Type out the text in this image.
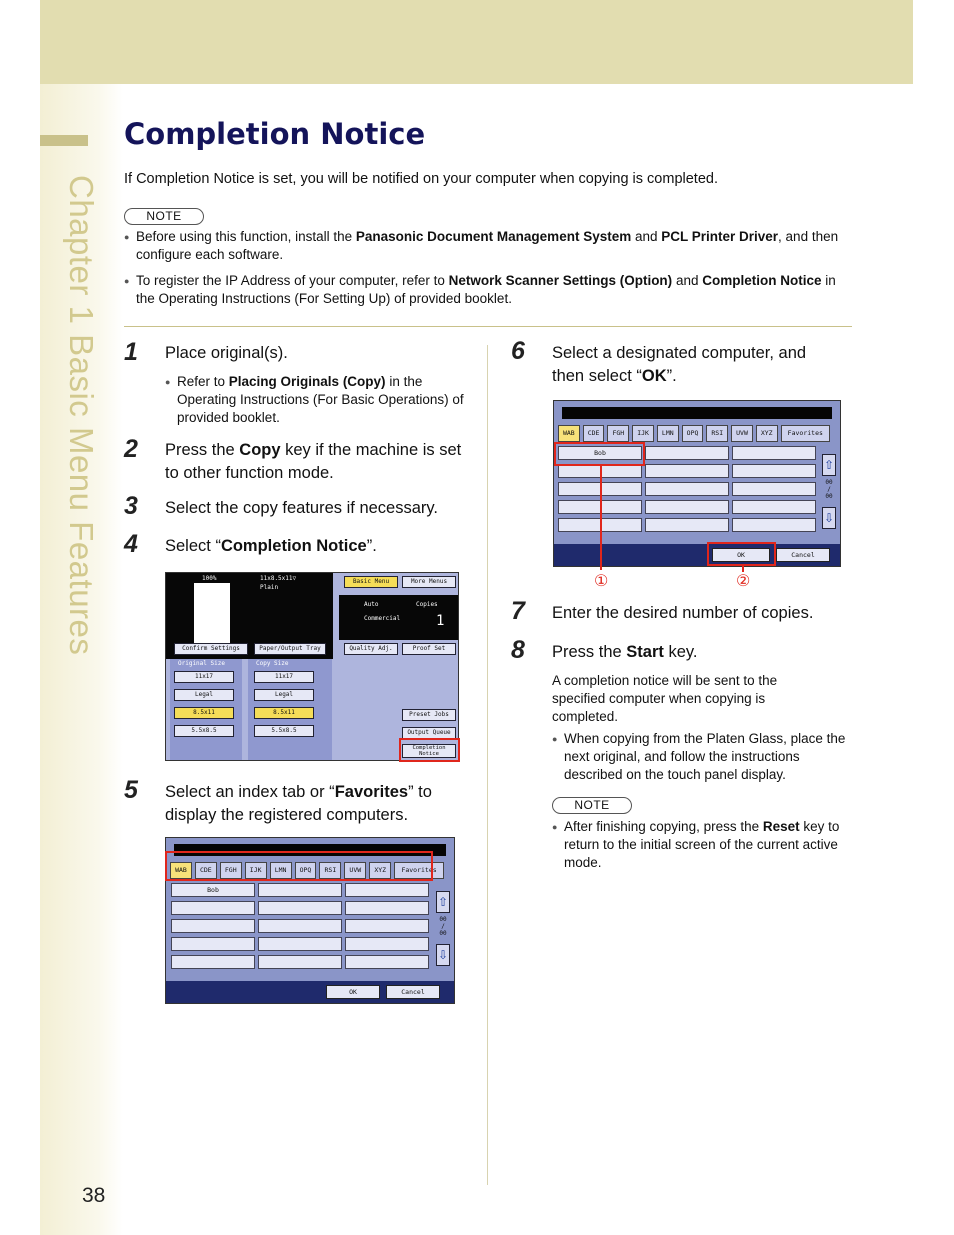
Chapter 1 Basic Menu Features
38
Completion Notice
If Completion Notice is set, you will be notified on your computer when copying is completed.
NOTE
● Before using this function, install the Panasonic Document Management System and PCL Printer Driver, and then configure each software.
● To register the IP Address of your computer, refer to Network Scanner Settings (Option) and Completion Notice in the Operating Instructions (For Setting Up) of provided booklet.
1 Place original(s).
● Refer to Placing Originals (Copy) in the Operating Instructions (For Basic Operations) of provided booklet.
2 Press the Copy key if the machine is set to other function mode.
3 Select the copy features if necessary.
4 Select “Completion Notice”.
100%	11x8.5x11▽
Plain
Basic Menu	More Menus
Auto
Commercial
Copies
1
Confirm Settings	Paper/Output Tray	Quality Adj.	Proof Set
Original Size	Copy Size
11x17
Legal
8.5x11
5.5x8.5
11x17
Legal
8.5x11
5.5x8.5
Preset Jobs
Output Queue
Completion Notice
5 Select an index tab or “Favorites” to display the registered computers.
WAB	CDE	FGH	IJK	LMN	OPQ	RSI	UVW	XYZ	Favorites
Bob
⇧
00
/
00
⇩
OK	Cancel
6 Select a designated computer, and then select “OK”.
WAB	CDE	FGH	IJK	LMN	OPQ	RSI	UVW	XYZ	Favorites
Bob
⇧
00
/
00
⇩
OK	Cancel
①	②
7 Enter the desired number of copies.
8 Press the Start key.
A completion notice will be sent to the specified computer when copying is completed.
● When copying from the Platen Glass, place the next original, and follow the instructions described on the touch panel display.
NOTE
● After finishing copying, press the Reset key to return to the initial screen of the current active mode.
